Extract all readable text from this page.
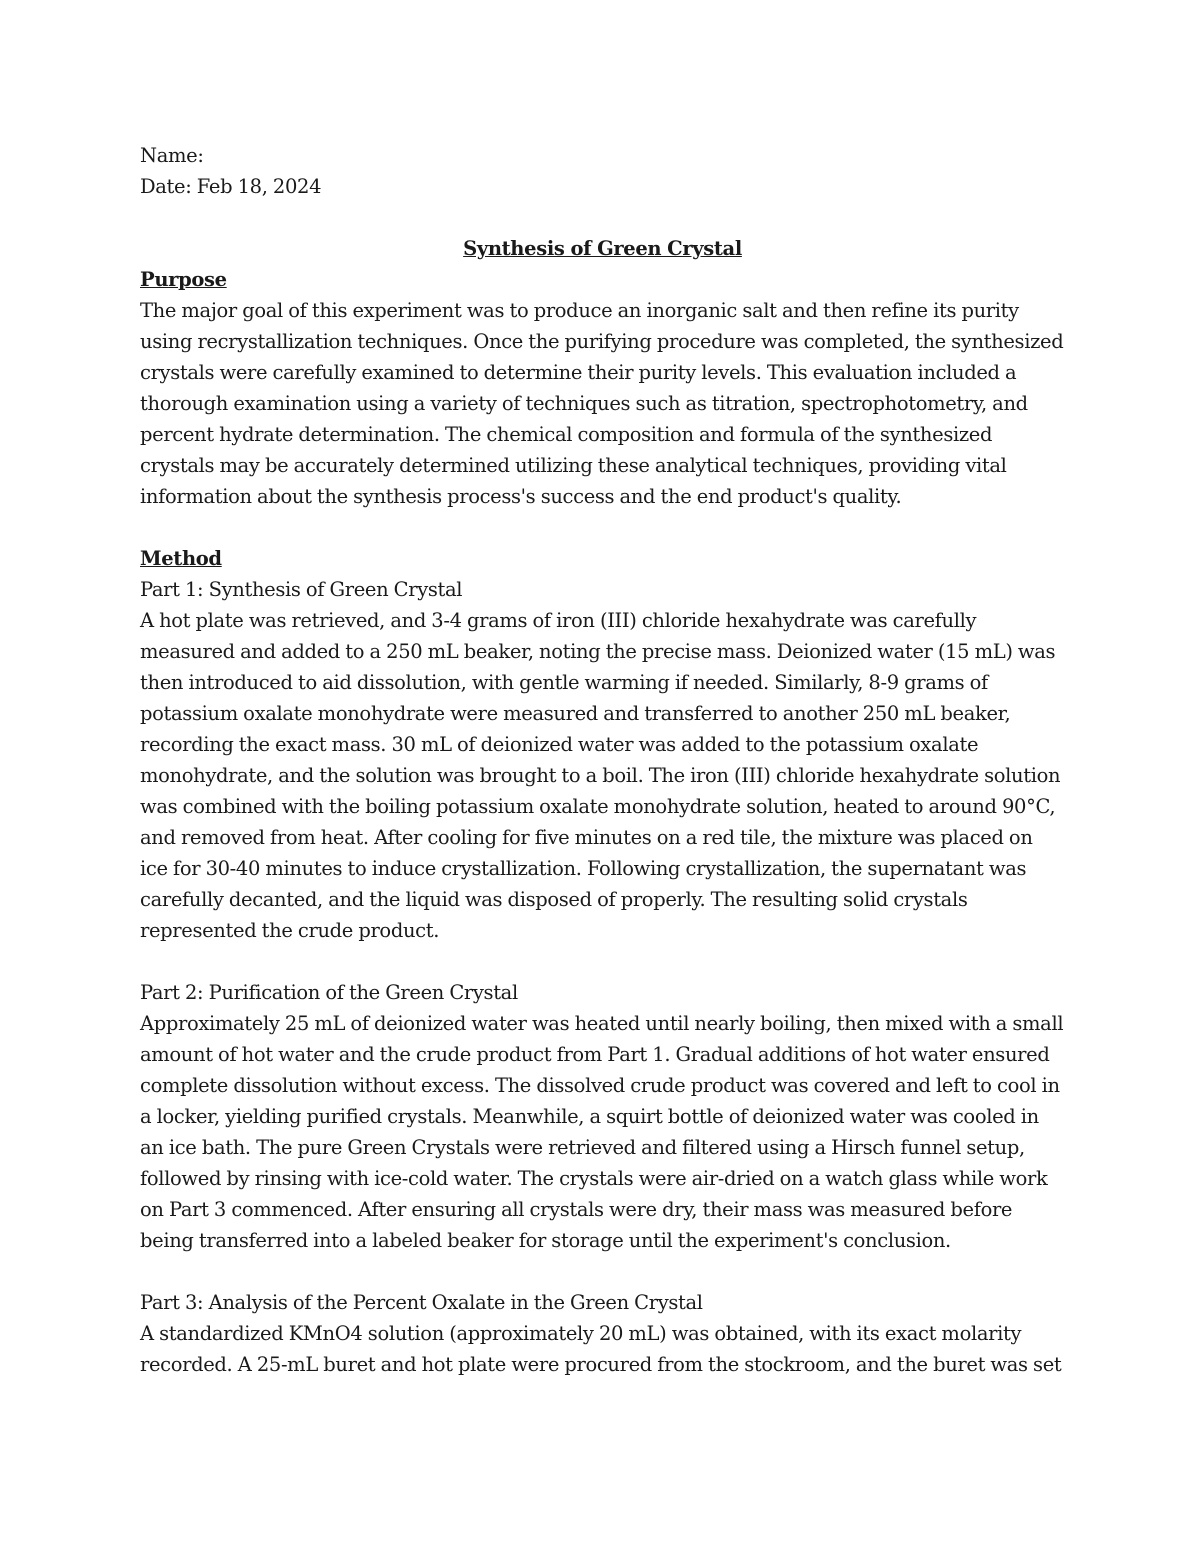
Name:
Date: Feb 18, 2024
Synthesis of Green Crystal
Purpose

The major goal of this experiment was to produce an inorganic salt and then refine its purity using recrystallization techniques. Once the purifying procedure was completed, the synthesized crystals were carefully examined to determine their purity levels. This evaluation included a thorough examination using a variety of techniques such as titration, spectrophotometry, and percent hydrate determination. The chemical composition and formula of the synthesized crystals may be accurately determined utilizing these analytical techniques, providing vital information about the synthesis process's success and the end product's quality.

Method
Part 1: Synthesis of Green Crystal

A hot plate was retrieved, and 3-4 grams of iron (III) chloride hexahydrate was carefully measured and added to a 250 mL beaker, noting the precise mass. Deionized water (15 mL) was then introduced to aid dissolution, with gentle warming if needed. Similarly, 8-9 grams of potassium oxalate monohydrate were measured and transferred to another 250 mL beaker, recording the exact mass. 30 mL of deionized water was added to the potassium oxalate monohydrate, and the solution was brought to a boil. The iron (III) chloride hexahydrate solution was combined with the boiling potassium oxalate monohydrate solution, heated to around 90°C, and removed from heat. After cooling for five minutes on a red tile, the mixture was placed on ice for 30-40 minutes to induce crystallization. Following crystallization, the supernatant was carefully decanted, and the liquid was disposed of properly. The resulting solid crystals represented the crude product.

Part 2: Purification of the Green Crystal

Approximately 25 mL of deionized water was heated until nearly boiling, then mixed with a small amount of hot water and the crude product from Part 1. Gradual additions of hot water ensured complete dissolution without excess. The dissolved crude product was covered and left to cool in a locker, yielding purified crystals. Meanwhile, a squirt bottle of deionized water was cooled in an ice bath. The pure Green Crystals were retrieved and filtered using a Hirsch funnel setup, followed by rinsing with ice-cold water. The crystals were air-dried on a watch glass while work on Part 3 commenced. After ensuring all crystals were dry, their mass was measured before being transferred into a labeled beaker for storage until the experiment's conclusion.

Part 3: Analysis of the Percent Oxalate in the Green Crystal

A standardized KMnO4 solution (approximately 20 mL) was obtained, with its exact molarity recorded. A 25-mL buret and hot plate were procured from the stockroom, and the buret was set
